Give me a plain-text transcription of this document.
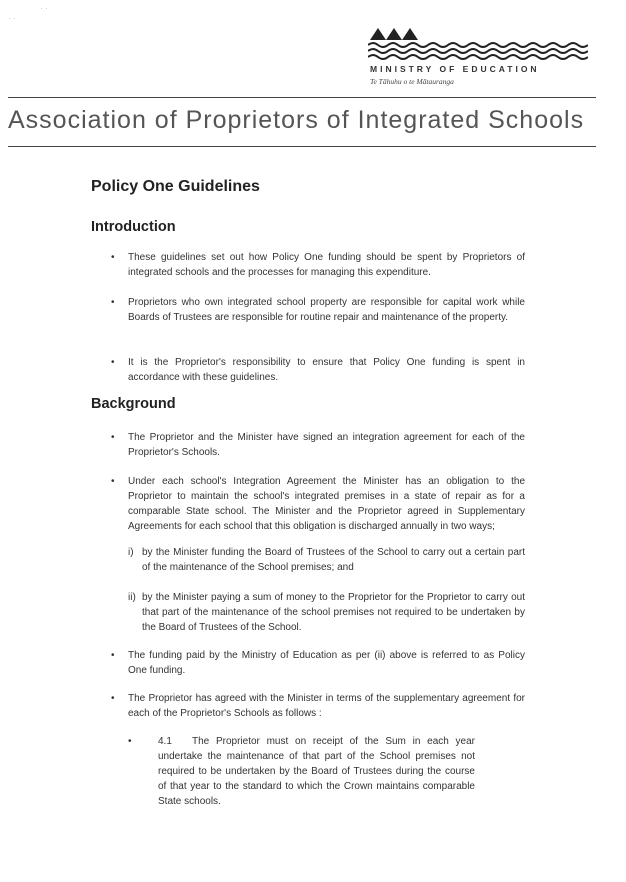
· ·
· ·
MINISTRY OF EDUCATION
Te Tāhuhu o te Mātauranga
Association of Proprietors of Integrated Schools
Policy One Guidelines
Introduction
• These guidelines set out how Policy One funding should be spent by Proprietors of integrated schools and the processes for managing this expenditure.
• Proprietors who own integrated school property are responsible for capital work while Boards of Trustees are responsible for routine repair and maintenance of the property.
• It is the Proprietor's responsibility to ensure that Policy One funding is spent in accordance with these guidelines.
Background
• The Proprietor and the Minister have signed an integration agreement for each of the Proprietor's Schools.
• Under each school's Integration Agreement the Minister has an obligation to the Proprietor to maintain the school's integrated premises in a state of repair as for a comparable State school. The Minister and the Proprietor agreed in Supplementary Agreements for each school that this obligation is discharged annually in two ways;
i) by the Minister funding the Board of Trustees of the School to carry out a certain part of the maintenance of the School premises; and
ii) by the Minister paying a sum of money to the Proprietor for the Proprietor to carry out that part of the maintenance of the school premises not required to be undertaken by the Board of Trustees of the School.
• The funding paid by the Ministry of Education as per (ii) above is referred to as Policy One funding.
• The Proprietor has agreed with the Minister in terms of the supplementary agreement for each of the Proprietor's Schools as follows :
•	4.1	The Proprietor must on receipt of the Sum in each year undertake the maintenance of that part of the School premises not required to be undertaken by the Board of Trustees during the course of that year to the standard to which the Crown maintains comparable State schools.
